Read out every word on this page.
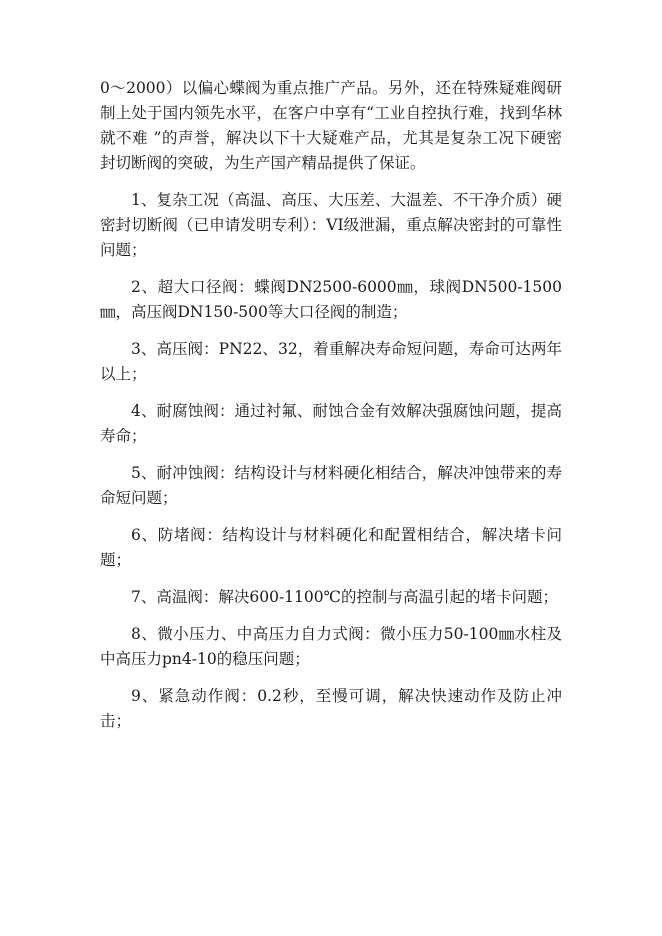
0～2000）以偏心蝶阀为重点推广产品。另外，还在特殊疑难阀研制上处于国内领先水平，在客户中享有“工业自控执行难，找到华林就不难 ”的声誉，解决以下十大疑难产品，尤其是复杂工况下硬密封切断阀的突破，为生产国产精品提供了保证。

1、复杂工况（高温、高压、大压差、大温差、不干净介质）硬密封切断阀（已申请发明专利）：VI级泄漏，重点解决密封的可靠性问题；

2、超大口径阀：蝶阀DN2500-6000㎜，球阀DN500-1500㎜，高压阀DN150-500等大口径阀的制造；

3、高压阀：PN22、32，着重解决寿命短问题，寿命可达两年以上；

4、耐腐蚀阀：通过衬氟、耐蚀合金有效解决强腐蚀问题，提高寿命；

5、耐冲蚀阀：结构设计与材料硬化相结合，解决冲蚀带来的寿命短问题；

6、防堵阀：结构设计与材料硬化和配置相结合，解决堵卡问题；

7、高温阀：解决600-1100℃的控制与高温引起的堵卡问题；

8、微小压力、中高压力自力式阀：微小压力50-100㎜水柱及中高压力pn4-10的稳压问题；

9、紧急动作阀：0.2秒，至慢可调，解决快速动作及防止冲击；
